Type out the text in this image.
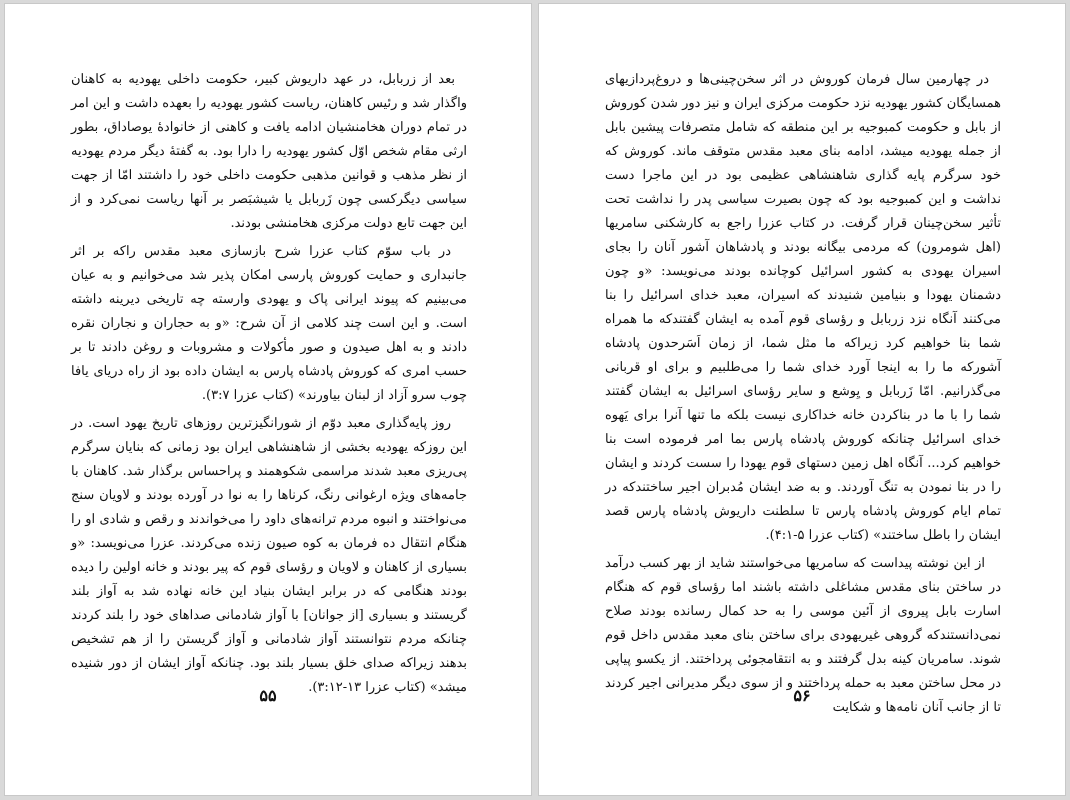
بعد از زربابل، در عهد داریوش کبیر، حکومت داخلی یهودیه به کاهنان واگذار شد و رئیس کاهنان، ریاست کشور یهودیه را بعهده داشت و این امر در تمام دوران هخامنشیان ادامه یافت و کاهنی از خانوادۀ یوصاداق، بطور ارثی مقام شخص اوّل کشور یهودیه را دارا بود. به گفتۀ دیگر مردم یهودیه از نظر مذهب و قوانین مذهبی حکومت داخلی خود را داشتند امّا از جهت سیاسی دیگرکسی چون زَربابل یا شیشبَصر بر آنها ریاست نمی‌کرد و از این جهت تابع دولت مرکزی هخامنشی بودند.

در باب سوّم کتاب عزرا شرح بازسازی معبد مقدس راکه بر اثر جانبداری و حمایت کوروش پارسی امکان پذیر شد می‌خوانیم و به عیان می‌بینیم که پیوند ایرانی پاک و یهودی وارسته چه تاریخی دیرینه داشته است. و این است چند کلامی از آن شرح: «و به حجاران و نجاران نقره دادند و به اهل صیدون و صور مأکولات و مشروبات و روغن دادند تا بر حسب امری که کوروش پادشاه پارس به ایشان داده بود از راه دریای یافا چوب سرو آزاد از لبنان بیاورند» (کتاب عزرا ۳:۷).

روز پایه‌گذاری معبد دوّم از شورانگیزترین روزهای تاریخ یهود است. در این روزکه یهودیه بخشی از شاهنشاهی ایران بود زمانی که بنایان سرگرم پی‌ریزی معبد شدند مراسمی شکوهمند و پراحساس برگذار شد. کاهنان با جامه‌های ویژه ارغوانی رنگ، کرناها را به نوا در آورده بودند و لاویان سنج می‌نواختند و انبوه مردم ترانه‌های داود را می‌خواندند و رقص و شادی او را هنگام انتقال ده فرمان به کوه صیون زنده می‌کردند. عزرا می‌نویسد: «و بسیاری از کاهنان و لاویان و رؤسای قوم که پیر بودند و خانه اولین را دیده بودند هنگامی که در برابر ایشان بنیاد این خانه نهاده شد به آواز بلند گریستند و بسیاری [از جوانان] با آواز شادمانی صداهای خود را بلند کردند چنانکه مردم نتوانستند آواز شادمانی و آواز گریستن را از هم تشخیص بدهند زیراکه صدای خلق بسیار بلند بود. چنانکه آواز ایشان از دور شنیده میشد» (کتاب عزرا ۱۳-۳:۱۲).

۵۵

در چهارمین سال فرمان کوروش در اثر سخن‌چینی‌ها و دروغ‌پردازیهای همسایگان کشور یهودیه نزد حکومت مرکزی ایران و نیز دور شدن کوروش از بابل و حکومت کمبوجیه بر این منطقه که شامل متصرفات پیشین بابل از جمله یهودیه میشد، ادامه بنای معبد مقدس متوقف ماند. کوروش که خود سرگرم پایه گذاری شاهنشاهی عظیمی بود در این ماجرا دست نداشت و این کمبوجیه بود که چون بصیرت سیاسی پدر را نداشت تحت تأثیر سخن‌چینان قرار گرفت. در کتاب عزرا راجع به کارشکنی سامریها (اهل شومرون) که مردمی بیگانه بودند و پادشاهان آشور آنان را بجای اسیران یهودی به کشور اسرائیل کوچانده بودند می‌نویسد: «و چون دشمنان یهودا و بنیامین شنیدند که اسیران، معبد خدای اسرائیل را بنا می‌کنند آنگاه نزد زربابل و رؤسای قوم آمده به ایشان گفتندکه ما همراه شما بنا خواهیم کرد زیراکه ما مثل شما، از زمان اَسَرحدون پادشاه آشورکه ما را به اینجا آورد خدای شما را می‌طلبیم و برای او قربانی می‌گذرانیم. امّا زَربابل و یِوشع و سایر رؤسای اسرائیل به ایشان گفتند شما را با ما در بناکردن خانه خداکاری نیست بلکه ما تنها آنرا برای یَهوه خدای اسرائیل چنانکه کوروش پادشاه پارس بما امر فرموده است بنا خواهیم کرد... آنگاه اهل زمین دستهای قوم یهودا را سست کردند و ایشان را در بنا نمودن به تنگ آوردند. و به ضد ایشان مُدبران اجیر ساختندکه در تمام ایام کوروش پادشاه پارس تا سلطنت داریوش پادشاه پارس قصد ایشان را باطل ساختند» (کتاب عزرا ۵-۴:۱).

از این نوشته پیداست که سامریها می‌خواستند شاید از بهر کسب درآمد در ساختن بنای مقدس مشاغلی داشته باشند اما رؤسای قوم که هنگام اسارت بابل پیروی از آئین موسی را به حد کمال رسانده بودند صلاح نمی‌دانستندکه گروهی غیریهودی برای ساختن بنای معبد مقدس داخل قوم شوند. سامریان کینه بدل گرفتند و به انتقامجوئی پرداختند. از یکسو پیاپی در محل ساختن معبد به حمله پرداختند و از سوی دیگر مدیرانی اجیر کردند تا از جانب آنان نامه‌ها و شکایت

۵۶
